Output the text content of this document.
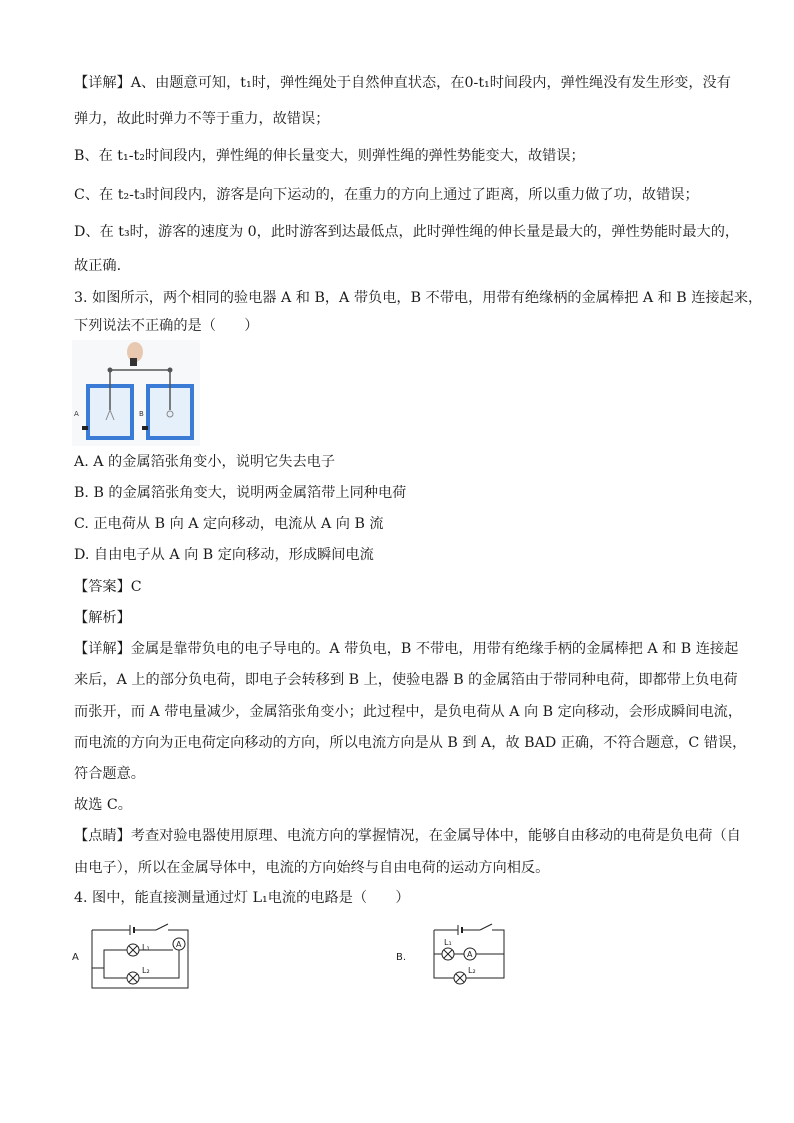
【详解】A、由题意可知，t₁时，弹性绳处于自然伸直状态，在0-t₁时间段内，弹性绳没有发生形变，没有
弹力，故此时弹力不等于重力，故错误；
B、在 t₁-t₂时间段内，弹性绳的伸长量变大，则弹性绳的弹性势能变大，故错误；
C、在 t₂-t₃时间段内，游客是向下运动的，在重力的方向上通过了距离，所以重力做了功，故错误；
D、在 t₃时，游客的速度为 0，此时游客到达最低点，此时弹性绳的伸长量是最大的，弹性势能时最大的，
故正确.
3. 如图所示，两个相同的验电器 A 和 B，A 带负电，B 不带电，用带有绝缘柄的金属棒把 A 和 B 连接起来，
下列说法不正确的是（　　）
A	B
A. A 的金属箔张角变小，说明它失去电子
B. B 的金属箔张角变大，说明两金属箔带上同种电荷
C. 正电荷从 B 向 A 定向移动，电流从 A 向 B 流
D. 自由电子从 A 向 B 定向移动，形成瞬间电流
【答案】C
【解析】
【详解】金属是靠带负电的电子导电的。A 带负电，B 不带电，用带有绝缘手柄的金属棒把 A 和 B 连接起
来后，A 上的部分负电荷，即电子会转移到 B 上，使验电器 B 的金属箔由于带同种电荷，即都带上负电荷
而张开，而 A 带电量减少，金属箔张角变小；此过程中，是负电荷从 A 向 B 定向移动，会形成瞬间电流，
而电流的方向为正电荷定向移动的方向，所以电流方向是从 B 到 A，故 BAD 正确，不符合题意，C 错误，
符合题意。
故选 C。
【点睛】考查对验电器使用原理、电流方向的掌握情况，在金属导体中，能够自由移动的电荷是负电荷（自
由电子），所以在金属导体中，电流的方向始终与自由电荷的运动方向相反。
4. 图中，能直接测量通过灯 L₁电流的电路是（　　）
A
L₁	A
L₂
B.
L₁
A
L₂
